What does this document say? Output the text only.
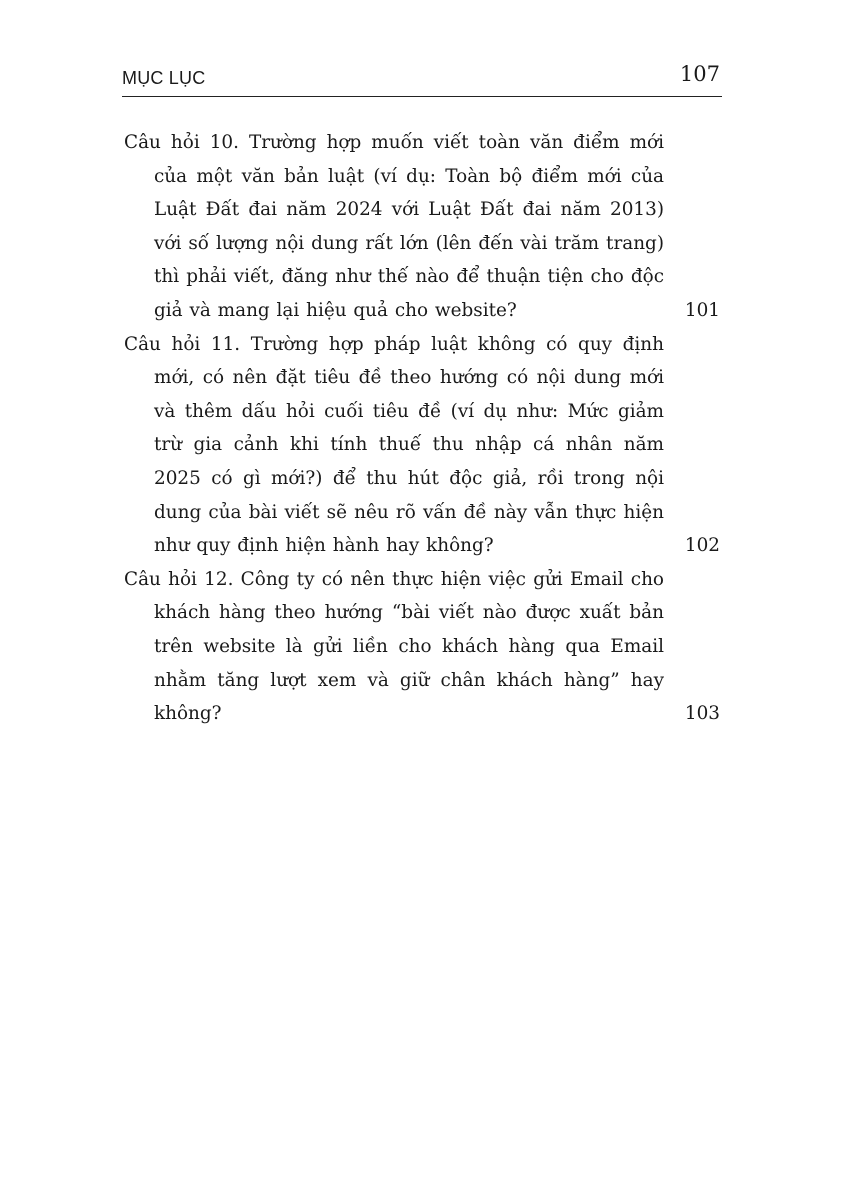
MỤC LỤC	107
Câu hỏi 10. Trường hợp muốn viết toàn văn điểm mới của một văn bản luật (ví dụ: Toàn bộ điểm mới của Luật Đất đai năm 2024 với Luật Đất đai năm 2013) với số lượng nội dung rất lớn (lên đến vài trăm trang) thì phải viết, đăng như thế nào để thuận tiện cho độc giả và mang lại hiệu quả cho website?	101
Câu hỏi 11. Trường hợp pháp luật không có quy định mới, có nên đặt tiêu đề theo hướng có nội dung mới và thêm dấu hỏi cuối tiêu đề (ví dụ như: Mức giảm trừ gia cảnh khi tính thuế thu nhập cá nhân năm 2025 có gì mới?) để thu hút độc giả, rồi trong nội dung của bài viết sẽ nêu rõ vấn đề này vẫn thực hiện như quy định hiện hành hay không?	102
Câu hỏi 12. Công ty có nên thực hiện việc gửi Email cho khách hàng theo hướng “bài viết nào được xuất bản trên website là gửi liền cho khách hàng qua Email nhằm tăng lượt xem và giữ chân khách hàng” hay không?	103
